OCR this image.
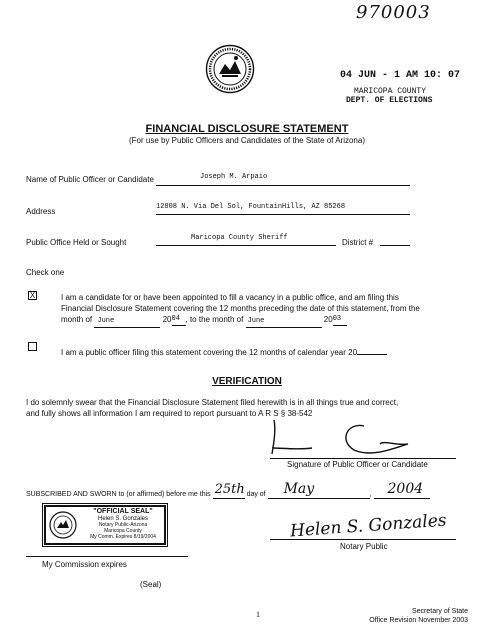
970003
04 JUN - 1 AM 10: 07
MARICOPA COUNTY
DEPT. OF ELECTIONS
FINANCIAL DISCLOSURE STATEMENT
(For use by Public Officers and Candidates of the State of Arizona)
Name of Public Officer or Candidate	Joseph M. Arpaio
Address	12808 N. Via Del Sol, FountainHills, AZ 85268
Public Office Held or Sought	Maricopa County Sheriff	District #
Check one
X	I am a candidate for or have been appointed to fill a vacancy in a public office, and am filing this
Financial Disclosure Statement covering the 12 months preceding the date of this statement, from the
month of June	2004 , to the month of June	2003
I am a public officer filing this statement covering the 12 months of calendar year 20
VERIFICATION
I do solemnly swear that the Financial Disclosure Statement filed herewith is in all things true and correct,
and fully shows all information I am required to report pursuant to A R S § 38-542
Signature of Public Officer or Candidate
SUBSCRIBED AND SWORN to (or affirmed) before me this 25th day of May	, 2004

"OFFICIAL SEAL"
Helen S. Gonzales
Notary Public-Arizona
Maricopa County
My Comm. Expires 8/19/2004	Helen S. Gonzales
Notary Public
My Commission expires
(Seal)
1	Secretary of State
Office Revision November 2003
